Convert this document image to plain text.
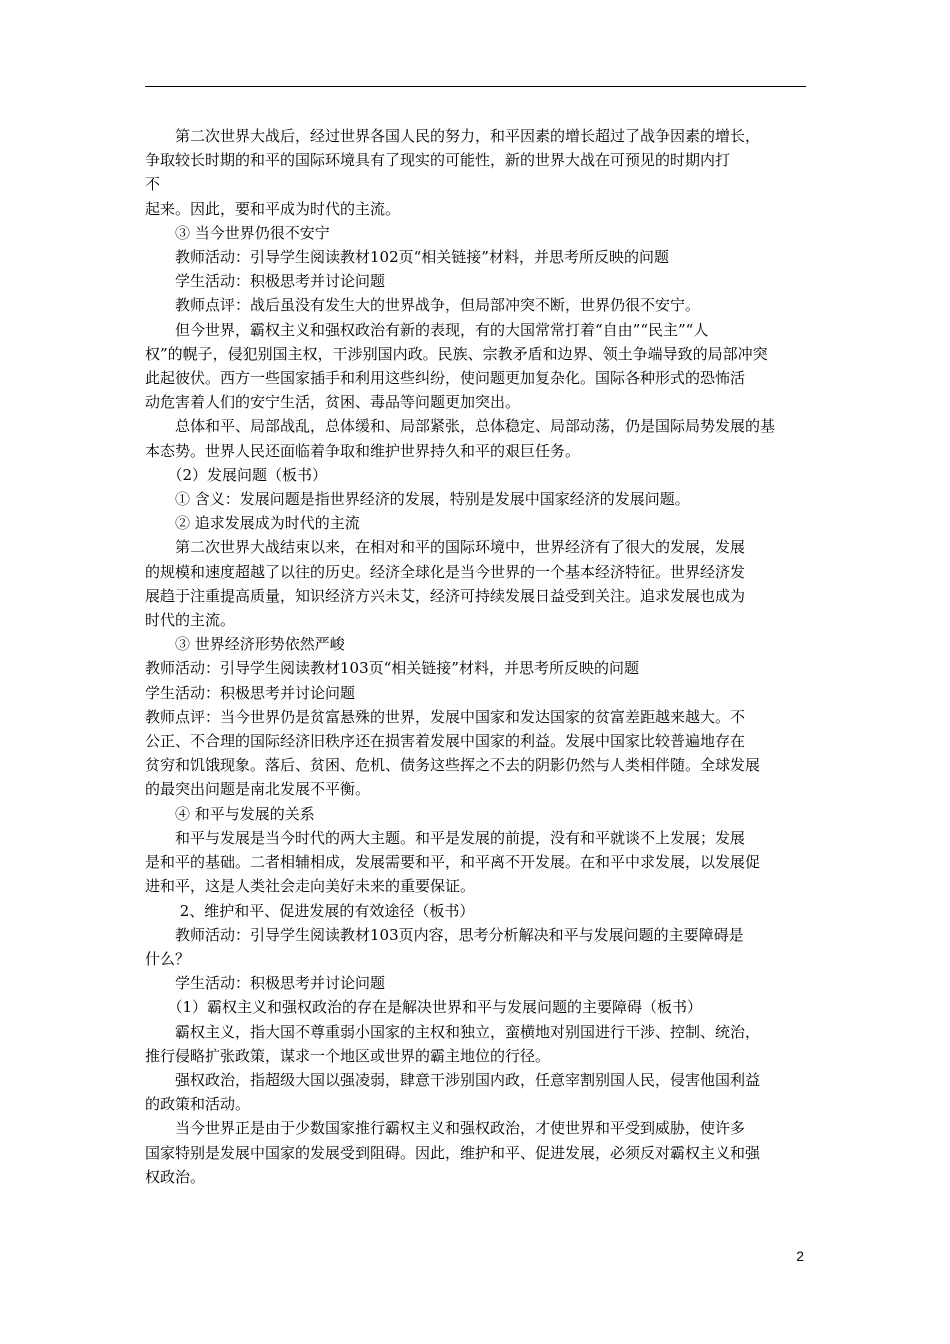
　　第二次世界大战后，经过世界各国人民的努力，和平因素的增长超过了战争因素的增长，

争取较长时期的和平的国际环境具有了现实的可能性，新的世界大战在可预见的时期内打

不

起来。因此，要和平成为时代的主流。

　　③ 当今世界仍很不安宁

　　教师活动：引导学生阅读教材102页“相关链接”材料，并思考所反映的问题

　　学生活动：积极思考并讨论问题

　　教师点评：战后虽没有发生大的世界战争，但局部冲突不断，世界仍很不安宁。

　　但今世界，霸权主义和强权政治有新的表现，有的大国常常打着“自由”“民主”“人

权”的幌子，侵犯别国主权，干涉别国内政。民族、宗教矛盾和边界、领土争端导致的局部冲突

此起彼伏。西方一些国家插手和利用这些纠纷，使问题更加复杂化。国际各种形式的恐怖活

动危害着人们的安宁生活，贫困、毒品等问题更加突出。

　　总体和平、局部战乱，总体缓和、局部紧张，总体稳定、局部动荡，仍是国际局势发展的基

本态势。世界人民还面临着争取和维护世界持久和平的艰巨任务。

　　（2）发展问题（板书）

　　① 含义：发展问题是指世界经济的发展，特别是发展中国家经济的发展问题。

　　② 追求发展成为时代的主流

　　第二次世界大战结束以来，在相对和平的国际环境中，世界经济有了很大的发展，发展

的规模和速度超越了以往的历史。经济全球化是当今世界的一个基本经济特征。世界经济发

展趋于注重提高质量，知识经济方兴未艾，经济可持续发展日益受到关注。追求发展也成为

时代的主流。

　　③ 世界经济形势依然严峻

教师活动：引导学生阅读教材103页“相关链接”材料，并思考所反映的问题

学生活动：积极思考并讨论问题

教师点评：当今世界仍是贫富悬殊的世界，发展中国家和发达国家的贫富差距越来越大。不

公正、不合理的国际经济旧秩序还在损害着发展中国家的利益。发展中国家比较普遍地存在

贫穷和饥饿现象。落后、贫困、危机、债务这些挥之不去的阴影仍然与人类相伴随。全球发展

的最突出问题是南北发展不平衡。

　　④ 和平与发展的关系

　　和平与发展是当今时代的两大主题。和平是发展的前提，没有和平就谈不上发展；发展

是和平的基础。二者相辅相成，发展需要和平，和平离不开发展。在和平中求发展，以发展促

进和平，这是人类社会走向美好未来的重要保证。

　　 2、维护和平、促进发展的有效途径（板书）

　　教师活动：引导学生阅读教材103页内容，思考分析解决和平与发展问题的主要障碍是

什么？

　　学生活动：积极思考并讨论问题

　　（1）霸权主义和强权政治的存在是解决世界和平与发展问题的主要障碍（板书）

　　霸权主义，指大国不尊重弱小国家的主权和独立，蛮横地对别国进行干涉、控制、统治，

推行侵略扩张政策，谋求一个地区或世界的霸主地位的行径。

　　强权政治，指超级大国以强凌弱，肆意干涉别国内政，任意宰割别国人民，侵害他国利益

的政策和活动。

　　当今世界正是由于少数国家推行霸权主义和强权政治，才使世界和平受到威胁，使许多

国家特别是发展中国家的发展受到阻碍。因此，维护和平、促进发展，必须反对霸权主义和强

权政治。

2
